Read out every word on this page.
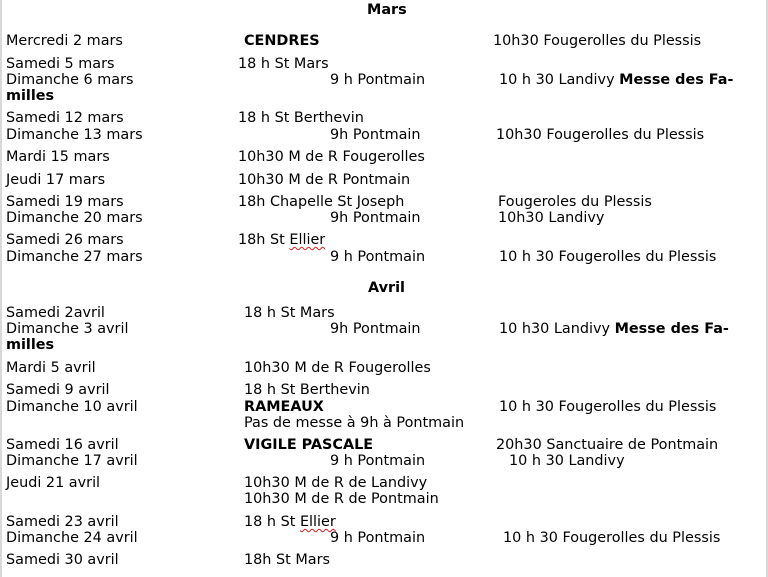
Mars
Mercredi 2 mars	CENDRES	10h30 Fougerolles du Plessis
Samedi 5 mars	18 h St Mars
Dimanche 6 mars	9 h Pontmain	10 h 30 Landivy Messe des Fa-
milles
Samedi 12 mars	18 h St Berthevin
Dimanche 13 mars	9h Pontmain	10h30 Fougerolles du Plessis
Mardi 15 mars	10h30 M de R Fougerolles
Jeudi 17 mars	10h30 M de R Pontmain
Samedi 19 mars	18h Chapelle St Joseph	Fougeroles du Plessis
Dimanche 20 mars	9h Pontmain	10h30 Landivy
Samedi 26 mars	18h St Ellier
Dimanche 27 mars	9 h Pontmain	10 h 30 Fougerolles du Plessis
Avril
Samedi 2avril	18 h St Mars
Dimanche 3 avril	9h Pontmain	10 h30 Landivy Messe des Fa-
milles
Mardi 5 avril	10h30 M de R Fougerolles
Samedi 9 avril	18 h St Berthevin
Dimanche 10 avril	RAMEAUX	10 h 30 Fougerolles du Plessis
Pas de messe à 9h à Pontmain
Samedi 16 avril	VIGILE PASCALE	20h30 Sanctuaire de Pontmain
Dimanche 17 avril	9 h Pontmain	10 h 30 Landivy
Jeudi 21 avril	10h30 M de R de Landivy
10h30 M de R de Pontmain
Samedi 23 avril	18 h St Ellier
Dimanche 24 avril	9 h Pontmain	10 h 30 Fougerolles du Plessis
Samedi 30 avril	18h St Mars
